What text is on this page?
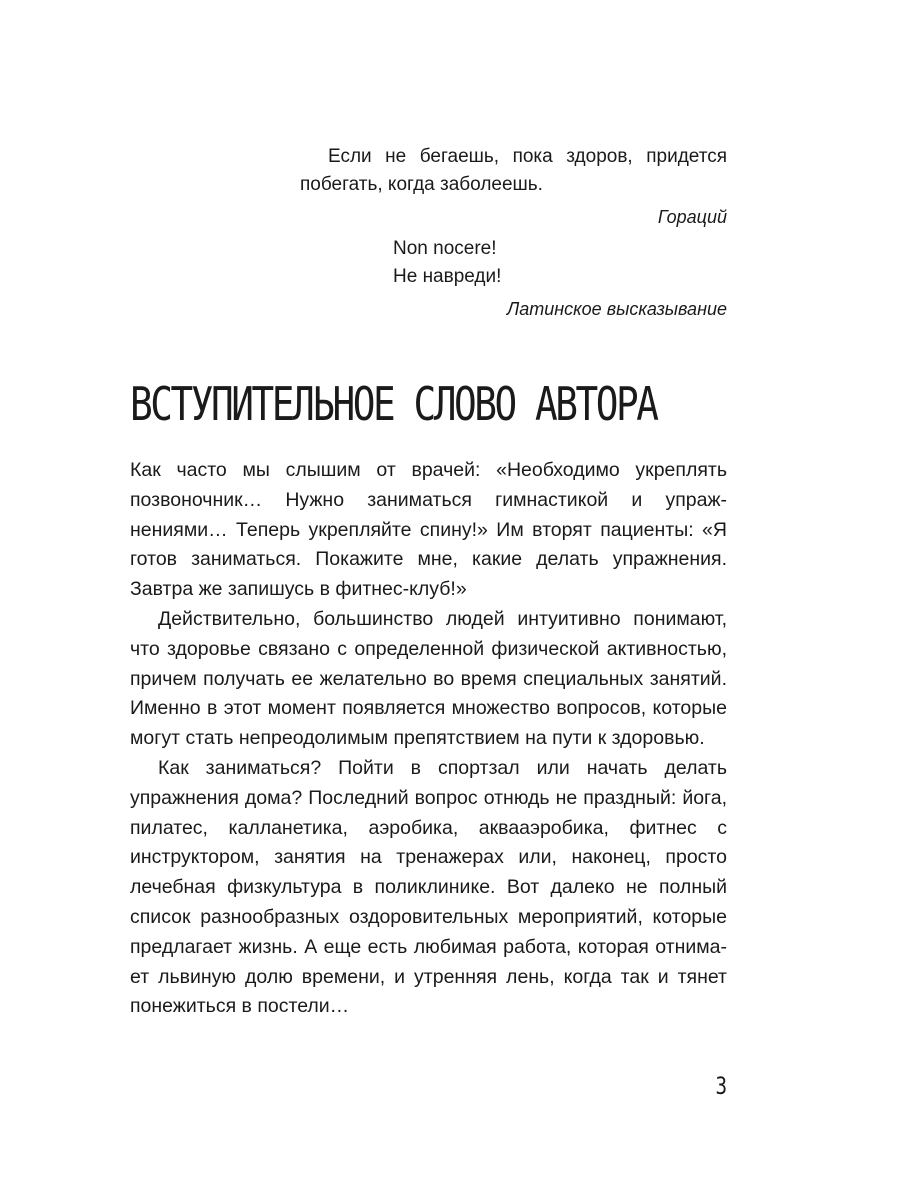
Если не бегаешь, пока здоров, придется побегать, когда заболеешь.
Гораций
Non nocere!
Не навреди!
Латинское высказывание
ВСТУПИТЕЛЬНОЕ СЛОВО АВТОРА

Как часто мы слышим от врачей: «Необходимо укреплять позвоночник… Нужно заниматься гимнастикой и упражнениями… Теперь укрепляйте спину!» Им вторят пациенты: «Я готов заниматься. Покажите мне, какие делать упражнения. Завтра же запишусь в фитнес-клуб!»

Действительно, большинство людей интуитивно понимают, что здоровье связано с определенной физической активностью, причем получать ее желательно во время специальных занятий. Именно в этот момент появляется множество вопросов, которые могут стать непреодолимым препятствием на пути к здоровью.

Как заниматься? Пойти в спортзал или начать делать упражнения дома? Последний вопрос отнюдь не праздный: йога, пилатес, калланетика, аэробика, аквааэробика, фитнес с инструктором, занятия на тренажерах или, наконец, просто лечебная физкультура в поликлинике. Вот далеко не полный список разнообразных оздоровительных мероприятий, которые предлагает жизнь. А еще есть любимая работа, которая отнимает львиную долю времени, и утренняя лень, когда так и тянет понежиться в постели…

3
